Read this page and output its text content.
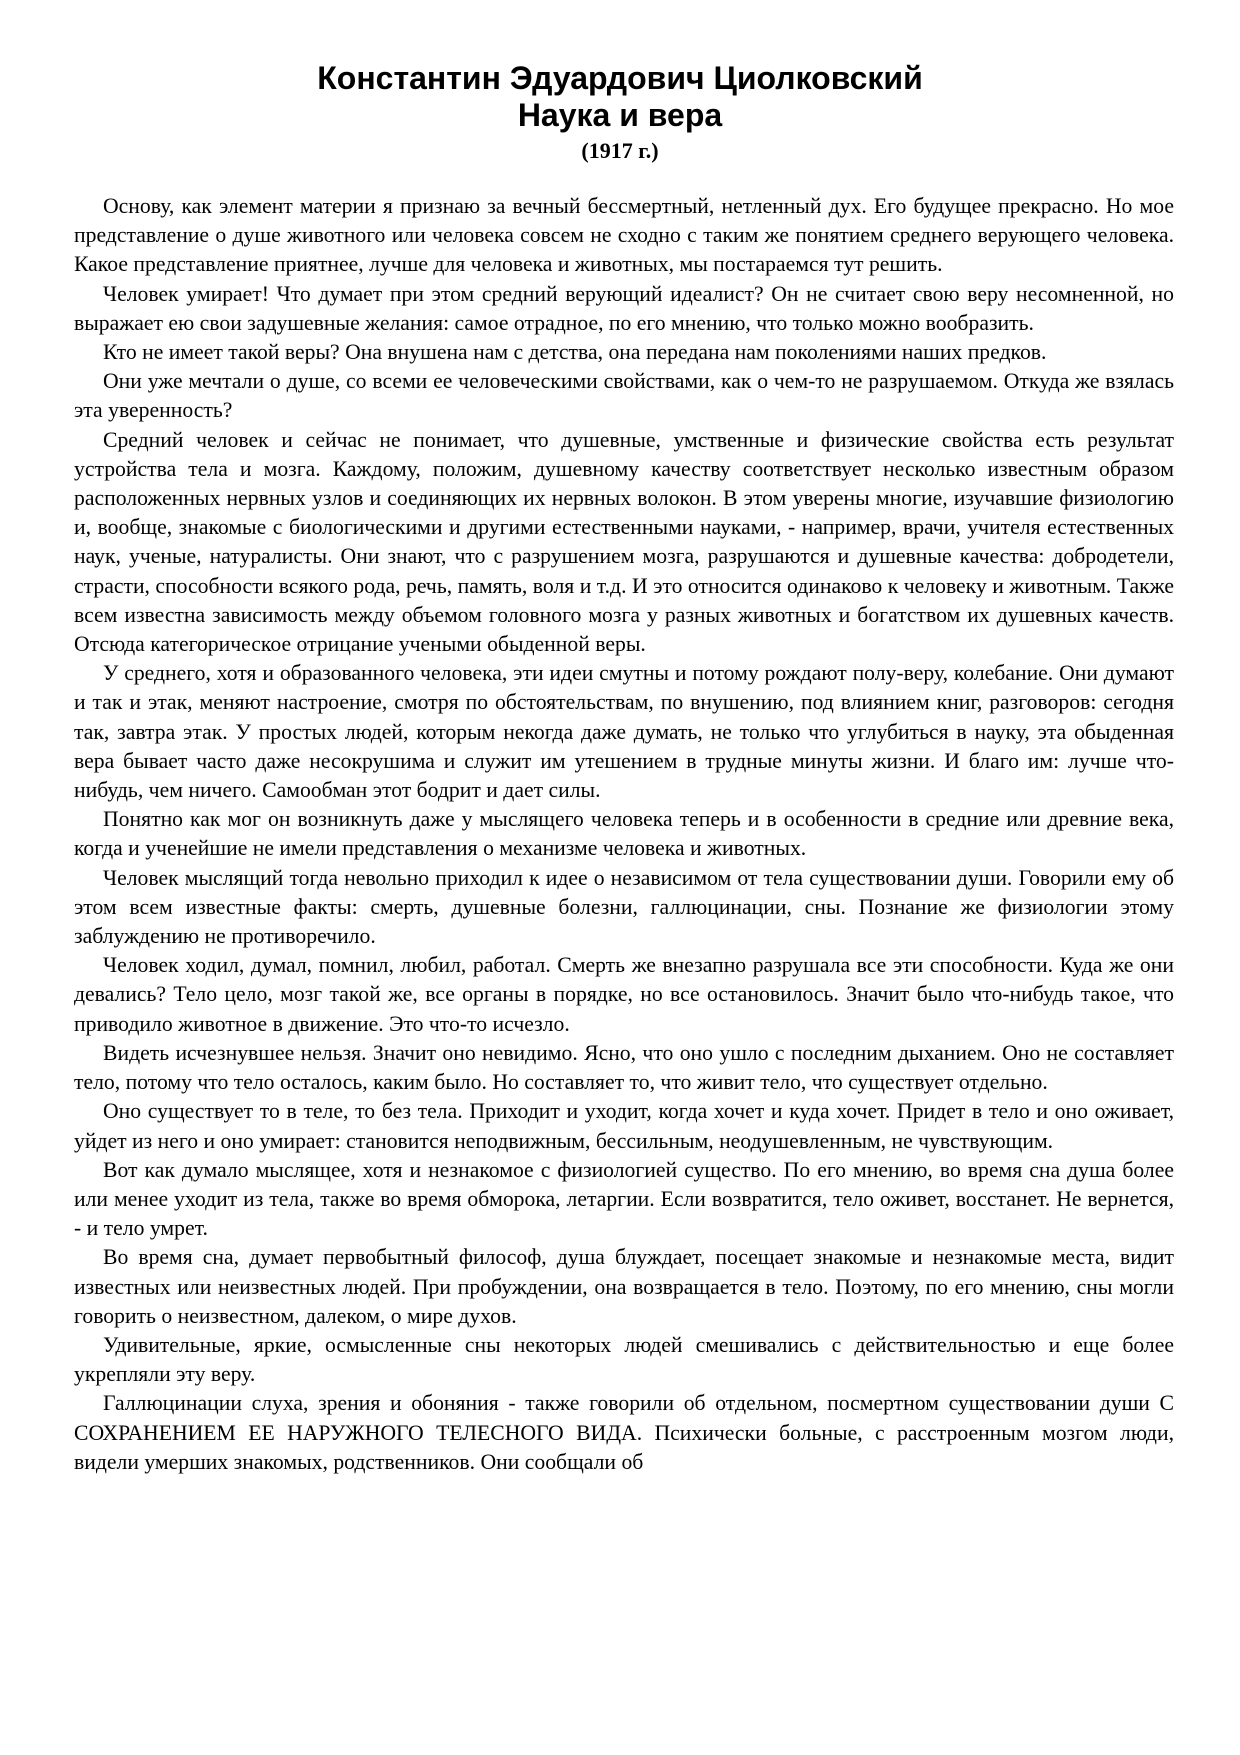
Константин Эдуардович Циолковский
Наука и вера
(1917 г.)

Основу, как элемент материи я признаю за вечный бессмертный, нетленный дух. Его будущее прекрасно. Но мое представление о душе животного или человека совсем не сходно с таким же понятием среднего верующего человека. Какое представление приятнее, лучше для человека и животных, мы постараемся тут решить.

Человек умирает! Что думает при этом средний верующий идеалист? Он не считает свою веру несомненной, но выражает ею свои задушевные желания: самое отрадное, по его мнению, что только можно вообразить.

Кто не имеет такой веры? Она внушена нам с детства, она передана нам поколениями наших предков.

Они уже мечтали о душе, со всеми ее человеческими свойствами, как о чем-то не разрушаемом. Откуда же взялась эта уверенность?

Средний человек и сейчас не понимает, что душевные, умственные и физические свойства есть результат устройства тела и мозга. Каждому, положим, душевному качеству соответствует несколько известным образом расположенных нервных узлов и соединяющих их нервных волокон. В этом уверены многие, изучавшие физиологию и, вообще, знакомые с биологическими и другими естественными науками, - например, врачи, учителя естественных наук, ученые, натуралисты. Они знают, что с разрушением мозга, разрушаются и душевные качества: добродетели, страсти, способности всякого рода, речь, память, воля и т.д. И это относится одинаково к человеку и животным. Также всем известна зависимость между объемом головного мозга у разных животных и богатством их душевных качеств. Отсюда категорическое отрицание учеными обыденной веры.

У среднего, хотя и образованного человека, эти идеи смутны и потому рождают полу-веру, колебание. Они думают и так и этак, меняют настроение, смотря по обстоятельствам, по внушению, под влиянием книг, разговоров: сегодня так, завтра этак. У простых людей, которым некогда даже думать, не только что углубиться в науку, эта обыденная вера бывает часто даже несокрушима и служит им утешением в трудные минуты жизни. И благо им: лучше что-нибудь, чем ничего. Самообман этот бодрит и дает силы.

Понятно как мог он возникнуть даже у мыслящего человека теперь и в особенности в средние или древние века, когда и ученейшие не имели представления о механизме человека и животных.

Человек мыслящий тогда невольно приходил к идее о независимом от тела существовании души. Говорили ему об этом всем известные факты: смерть, душевные болезни, галлюцинации, сны. Познание же физиологии этому заблуждению не противоречило.

Человек ходил, думал, помнил, любил, работал. Смерть же внезапно разрушала все эти способности. Куда же они девались? Тело цело, мозг такой же, все органы в порядке, но все остановилось. Значит было что-нибудь такое, что приводило животное в движение. Это что-то исчезло.

Видеть исчезнувшее нельзя. Значит оно невидимо. Ясно, что оно ушло с последним дыханием. Оно не составляет тело, потому что тело осталось, каким было. Но составляет то, что живит тело, что существует отдельно.

Оно существует то в теле, то без тела. Приходит и уходит, когда хочет и куда хочет. Придет в тело и оно оживает, уйдет из него и оно умирает: становится неподвижным, бессильным, неодушевленным, не чувствующим.

Вот как думало мыслящее, хотя и незнакомое с физиологией существо. По его мнению, во время сна душа более или менее уходит из тела, также во время обморока, летаргии. Если возвратится, тело оживет, восстанет. Не вернется, - и тело умрет.

Во время сна, думает первобытный философ, душа блуждает, посещает знакомые и незнакомые места, видит известных или неизвестных людей. При пробуждении, она возвращается в тело. Поэтому, по его мнению, сны могли говорить о неизвестном, далеком, о мире духов.

Удивительные, яркие, осмысленные сны некоторых людей смешивались с действительностью и еще более укрепляли эту веру.

Галлюцинации слуха, зрения и обоняния - также говорили об отдельном, посмертном существовании души С СОХРАНЕНИЕМ ЕЕ НАРУЖНОГО ТЕЛЕСНОГО ВИДА. Психически больные, с расстроенным мозгом люди, видели умерших знакомых, родственников. Они сообщали об
